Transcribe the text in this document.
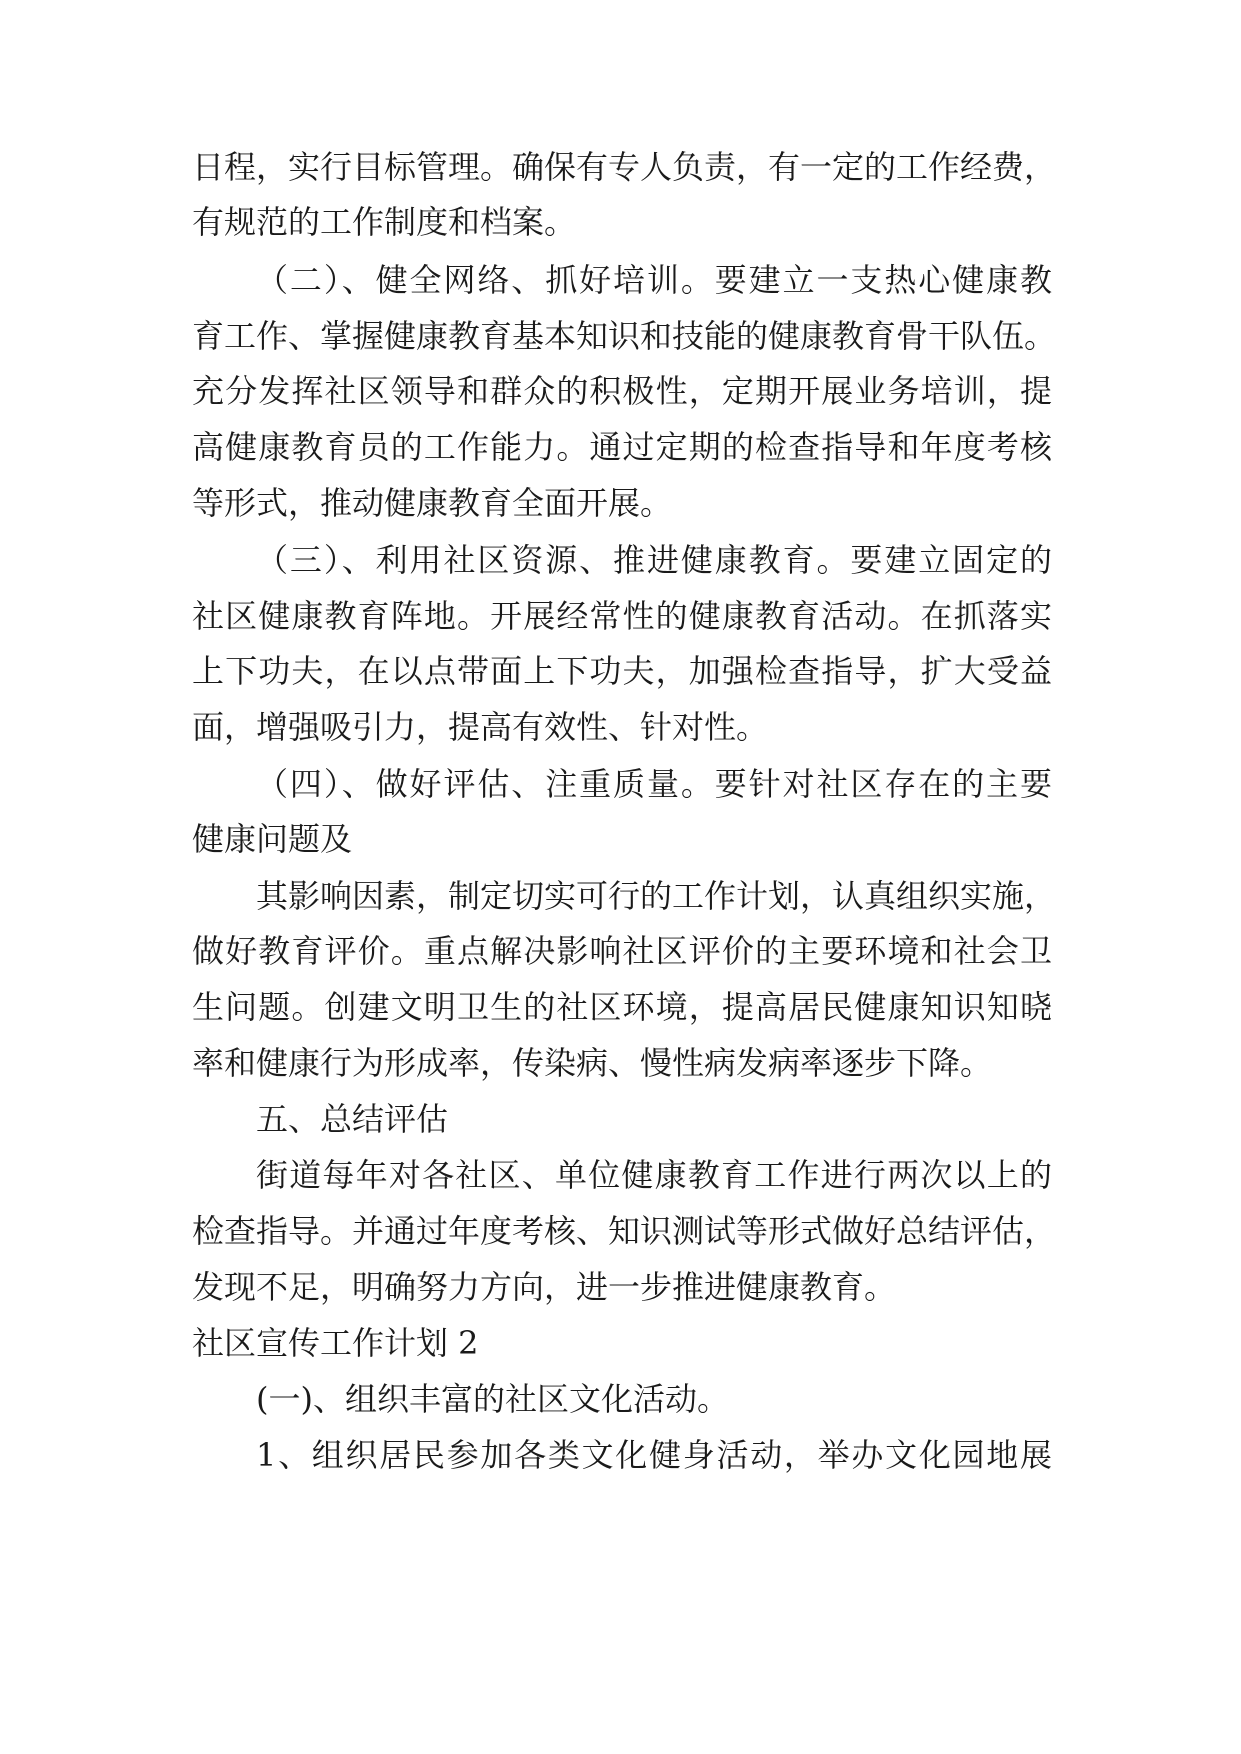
日程，实行目标管理。确保有专人负责，有一定的工作经费，
有规范的工作制度和档案。
（二）、健全网络、抓好培训。要建立一支热心健康教
育工作、掌握健康教育基本知识和技能的健康教育骨干队伍。
充分发挥社区领导和群众的积极性，定期开展业务培训，提
高健康教育员的工作能力。通过定期的检查指导和年度考核
等形式，推动健康教育全面开展。
（三）、利用社区资源、推进健康教育。要建立固定的
社区健康教育阵地。开展经常性的健康教育活动。在抓落实
上下功夫，在以点带面上下功夫，加强检查指导，扩大受益
面，增强吸引力，提高有效性、针对性。
（四）、做好评估、注重质量。要针对社区存在的主要
健康问题及
其影响因素，制定切实可行的工作计划，认真组织实施，
做好教育评价。重点解决影响社区评价的主要环境和社会卫
生问题。创建文明卫生的社区环境，提高居民健康知识知晓
率和健康行为形成率，传染病、慢性病发病率逐步下降。
五、总结评估
街道每年对各社区、单位健康教育工作进行两次以上的
检查指导。并通过年度考核、知识测试等形式做好总结评估，
发现不足，明确努力方向，进一步推进健康教育。
社区宣传工作计划 2
(一)、组织丰富的社区文化活动。
1、组织居民参加各类文化健身活动，举办文化园地展
